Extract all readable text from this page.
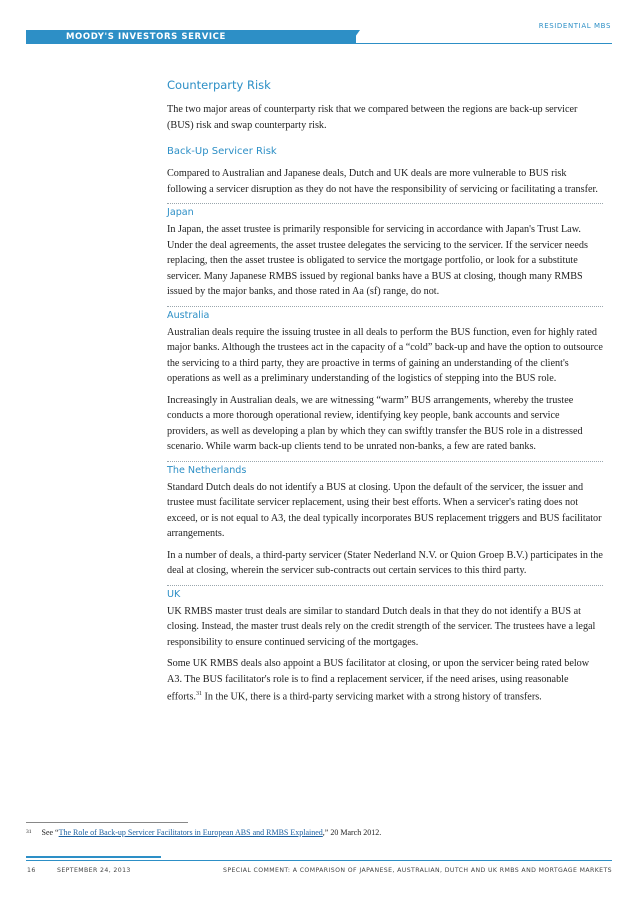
MOODY'S INVESTORS SERVICE
RESIDENTIAL MBS
Counterparty Risk

The two major areas of counterparty risk that we compared between the regions are back-up servicer (BUS) risk and swap counterparty risk.

Back-Up Servicer Risk

Compared to Australian and Japanese deals, Dutch and UK deals are more vulnerable to BUS risk following a servicer disruption as they do not have the responsibility of servicing or facilitating a transfer.

Japan

In Japan, the asset trustee is primarily responsible for servicing in accordance with Japan's Trust Law. Under the deal agreements, the asset trustee delegates the servicing to the servicer. If the servicer needs replacing, then the asset trustee is obligated to service the mortgage portfolio, or look for a substitute servicer. Many Japanese RMBS issued by regional banks have a BUS at closing, though many RMBS issued by the major banks, and those rated in Aa (sf) range, do not.

Australia

Australian deals require the issuing trustee in all deals to perform the BUS function, even for highly rated major banks. Although the trustees act in the capacity of a “cold” back-up and have the option to outsource the servicing to a third party, they are proactive in terms of gaining an understanding of the client's operations as well as a preliminary understanding of the logistics of stepping into the BUS role.

Increasingly in Australian deals, we are witnessing “warm” BUS arrangements, whereby the trustee conducts a more thorough operational review, identifying key people, bank accounts and service providers, as well as developing a plan by which they can swiftly transfer the BUS role in a distressed scenario. While warm back-up clients tend to be unrated non-banks, a few are rated banks.

The Netherlands

Standard Dutch deals do not identify a BUS at closing. Upon the default of the servicer, the issuer and trustee must facilitate servicer replacement, using their best efforts. When a servicer's rating does not exceed, or is not equal to A3, the deal typically incorporates BUS replacement triggers and BUS facilitator arrangements.

In a number of deals, a third-party servicer (Stater Nederland N.V. or Quion Groep B.V.) participates in the deal at closing, wherein the servicer sub-contracts out certain services to this third party.

UK

UK RMBS master trust deals are similar to standard Dutch deals in that they do not identify a BUS at closing. Instead, the master trust deals rely on the credit strength of the servicer. The trustees have a legal responsibility to ensure continued servicing of the mortgages.

Some UK RMBS deals also appoint a BUS facilitator at closing, or upon the servicer being rated below A3. The BUS facilitator's role is to find a replacement servicer, if the need arises, using reasonable efforts.$^{31}$ In the UK, there is a third-party servicing market with a strong history of transfers.

$^{31}$ See “The Role of Back-up Servicer Facilitators in European ABS and RMBS Explained,” 20 March 2012.
16	SEPTEMBER 24, 2013	SPECIAL COMMENT: A COMPARISON OF JAPANESE, AUSTRALIAN, DUTCH AND UK RMBS AND MORTGAGE MARKETS
